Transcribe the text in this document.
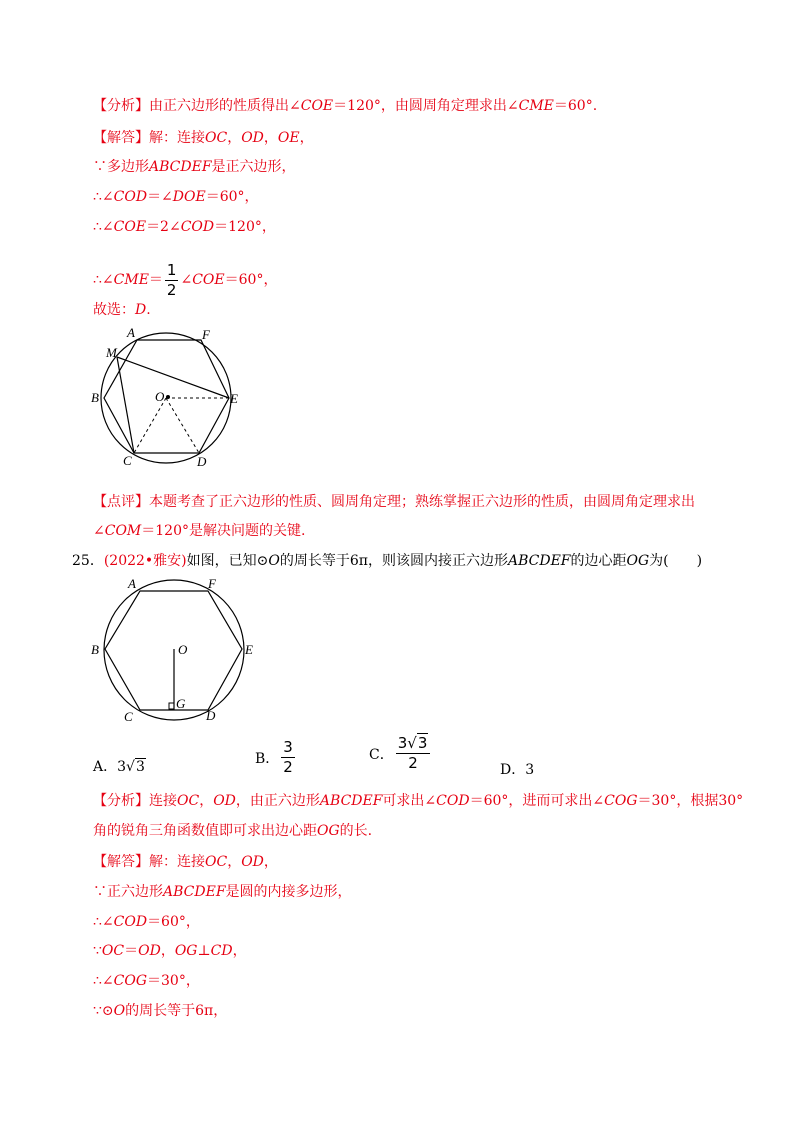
【分析】由正六边形的性质得出∠COE＝120°，由圆周角定理求出∠CME＝60°.
【解答】解：连接OC，OD，OE，
∵多边形ABCDEF是正六边形，
∴∠COD＝∠DOE＝60°，
∴∠COE＝2∠COD＝120°，
∴∠CME＝ $\frac{1}{2}$ ∠COE＝60°，
故选：D.
A	F
M
B	O	E
C	D
【点评】本题考查了正六边形的性质、圆周角定理；熟练掌握正六边形的性质，由圆周角定理求出
∠COM＝120°是解决问题的关键.
25．(2022•雅安)如图，已知⊙O的周长等于6π，则该圆内接正六边形ABCDEF的边心距OG为(　　)
A	F
B	O	E
G
C	D
A．3√3
B． $\frac{3}{2}$	C． $\frac{3√3}{2}$	D．3
【分析】连接OC，OD，由正六边形ABCDEF可求出∠COD＝60°，进而可求出∠COG＝30°，根据30°
角的锐角三角函数值即可求出边心距OG的长.
【解答】解：连接OC，OD，
∵正六边形ABCDEF是圆的内接多边形，
∴∠COD＝60°，
∵OC＝OD，OG⊥CD，
∴∠COG＝30°，
∵⊙O的周长等于6π，
